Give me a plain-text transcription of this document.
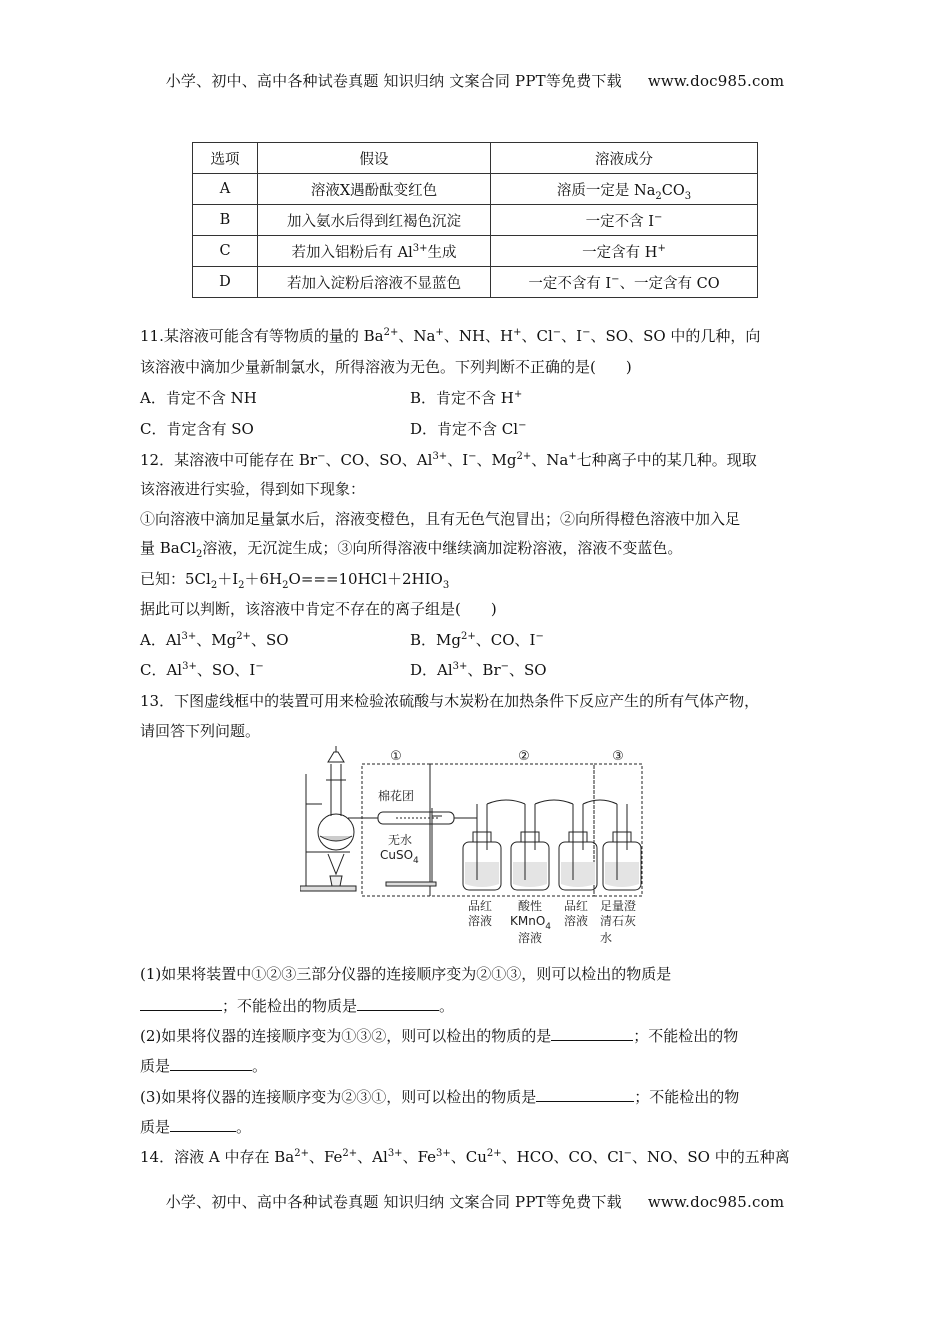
小学、初中、高中各种试卷真题 知识归纳 文案合同 PPT等免费下载 www.doc985.com
选项	假设	溶液成分
A	溶液X遇酚酞变红色	溶质一定是 $Na_2CO_3$
B	加入氨水后得到红褐色沉淀	一定不含 I−
C	若加入铝粉后有 $Al^{3+}$生成	一定含有 H+
D	若加入淀粉后溶液不显蓝色	一定不含有 I−、一定含有 CO
11.某溶液可能含有等物质的量的 $Ba^{2+}$、Na+、NH、H+、Cl−、I−、SO、SO 中的几种，向
该溶液中滴加少量新制氯水，所得溶液为无色。下列判断不正确的是(　　)
A．肯定不含 NH	B．肯定不含 H+
C．肯定含有 SO	D．肯定不含 Cl−
12．某溶液中可能存在 Br−、CO、SO、$Al^{3+}$、I−、$Mg^{2+}$、Na+七种离子中的某几种。现取
该溶液进行实验，得到如下现象：
①向溶液中滴加足量氯水后，溶液变橙色，且有无色气泡冒出；②向所得橙色溶液中加入足
量 BaCl$_2$溶液，无沉淀生成；③向所得溶液中继续滴加淀粉溶液，溶液不变蓝色。
已知：$5Cl_2+I_2+6H_2O===10HCl+2HIO_3$
据此可以判断，该溶液中肯定不存在的离子组是(　　)
A．$Al^{3+}$、$Mg^{2+}$、SO	B．$Mg^{2+}$、CO、I−
C．$Al^{3+}$、SO、I−	D．$Al^{3+}$、Br−、SO
13．下图虚线框中的装置可用来检验浓硫酸与木炭粉在加热条件下反应产生的所有气体产物，
请回答下列问题。
①	②	③
棉花团
无水
CuSO$_4$
品红
溶液
酸性
KMnO$_4$
溶液
品红
溶液
足量澄
清石灰
水
(1)如果将装置中①②③三部分仪器的连接顺序变为②①③，则可以检出的物质是
；不能检出的物质是	。
(2)如果将仪器的连接顺序变为①③②，则可以检出的物质的是	；不能检出的物
质是	。
(3)如果将仪器的连接顺序变为②③①，则可以检出的物质是	；不能检出的物
质是	。
14．溶液 A 中存在 $Ba^{2+}$、$Fe^{2+}$、$Al^{3+}$、$Fe^{3+}$、$Cu^{2+}$、HCO、CO、Cl−、NO、SO 中的五种离
小学、初中、高中各种试卷真题 知识归纳 文案合同 PPT等免费下载 www.doc985.com
